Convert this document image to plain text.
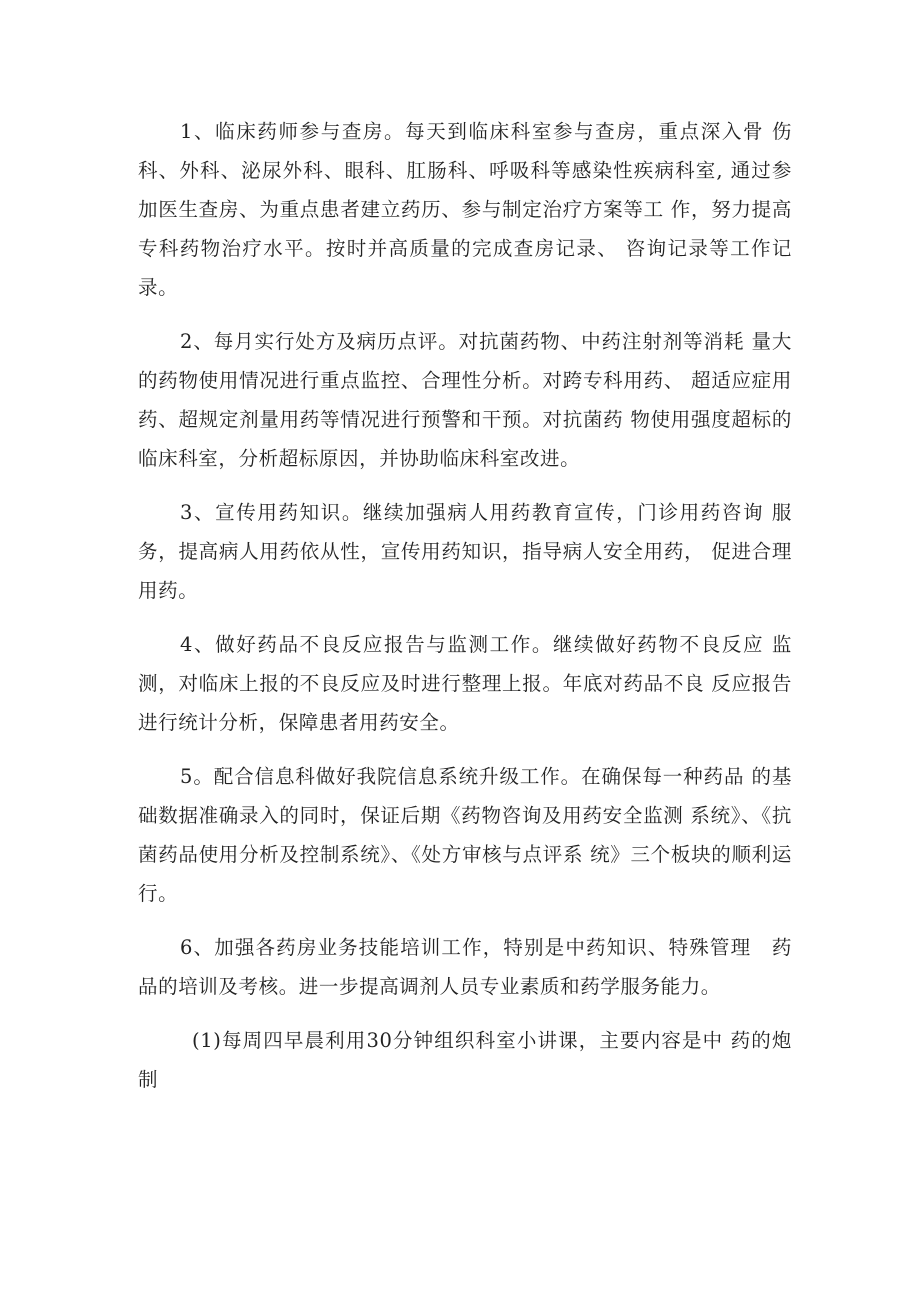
1、临床药师参与查房。每天到临床科室参与查房，重点深入骨 伤科、外科、泌尿外科、眼科、肛肠科、呼吸科等感染性疾病科室, 通过参加医生查房、为重点患者建立药历、参与制定治疗方案等工 作，努力提高专科药物治疗水平。按时并高质量的完成查房记录、 咨询记录等工作记录。

2、每月实行处方及病历点评。对抗菌药物、中药注射剂等消耗 量大的药物使用情况进行重点监控、合理性分析。对跨专科用药、 超适应症用药、超规定剂量用药等情况进行预警和干预。对抗菌药 物使用强度超标的临床科室，分析超标原因，并协助临床科室改进。

3、宣传用药知识。继续加强病人用药教育宣传，门诊用药咨询 服务，提高病人用药依从性，宣传用药知识，指导病人安全用药， 促进合理用药。

4、做好药品不良反应报告与监测工作。继续做好药物不良反应 监测，对临床上报的不良反应及时进行整理上报。年底对药品不良 反应报告进行统计分析，保障患者用药安全。

5。配合信息科做好我院信息系统升级工作。在确保每一种药品 的基础数据准确录入的同时，保证后期《药物咨询及用药安全监测 系统》、《抗菌药品使用分析及控制系统》、《处方审核与点评系 统》三个板块的顺利运行。

6、加强各药房业务技能培训工作，特别是中药知识、特殊管理　药品的培训及考核。进一步提高调剂人员专业素质和药学服务能力。

(1)每周四早晨利用30分钟组织科室小讲课，主要内容是中 药的炮制
